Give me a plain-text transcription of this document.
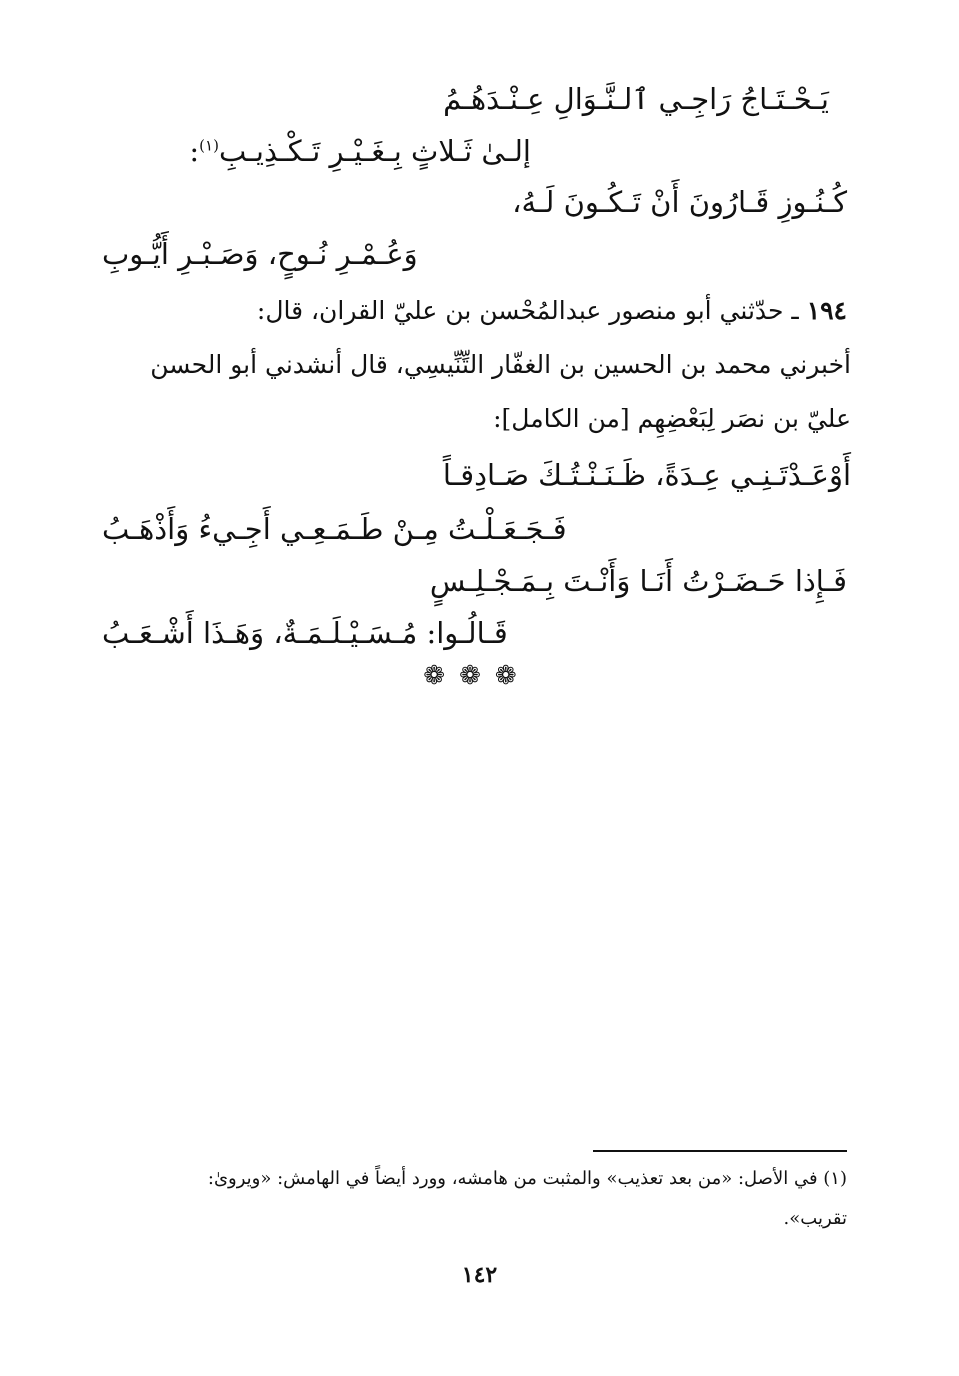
يَـحْـتَـاجُ رَاجِـي ٱلـنَّـوَالِ عِـنْـدَهُـمُ
إلـىٰ ثَـلاثٍ بِـغَـيْـرِ تَـكْـذِيـبِ$^{(١)}$:
كُـنُـوزِ قَـارُونَ أَنْ تَـكُـونَ لَـهُ،
وَعُـمْـرِ نُـوحٍ، وَصَـبْـرِ أَيُّـوبِ
١٩٤ ـ حدّثني أبو منصور عبدالمُحْسن بن عليّ القران، قال:
أخبرني محمد بن الحسين بن الغفّار التِّنِّيسِي، قال أنشدني أبو الحسن
عليّ بن نصَر لِبَعْضِهِم [من الكامل]:
أَوْعَـدْتَـنِـي عِـدَةً، ظَـنَـنْـتُـكَ صَـادِقـاً
فَـجَـعَـلْـتُ مِـنْ طَـمَـعِـي أَجِـيءُ وَأَذْهَـبُ
فَـإِذا حَـضَـرْتُ أَنَـا وَأَنْـتَ بِـمَـجْـلِـسٍ
قَـالُـوا: مُـسَـيْـلَـمَـةٌ، وَهَـذَا أَشْـعَـبُ
❁ ❁ ❁
(١) في الأصل: «من بعد تعذيب» والمثبت من هامشه، وورد أيضاً في الهامش: «ويروىٰ:
تقريب».
١٤٢
